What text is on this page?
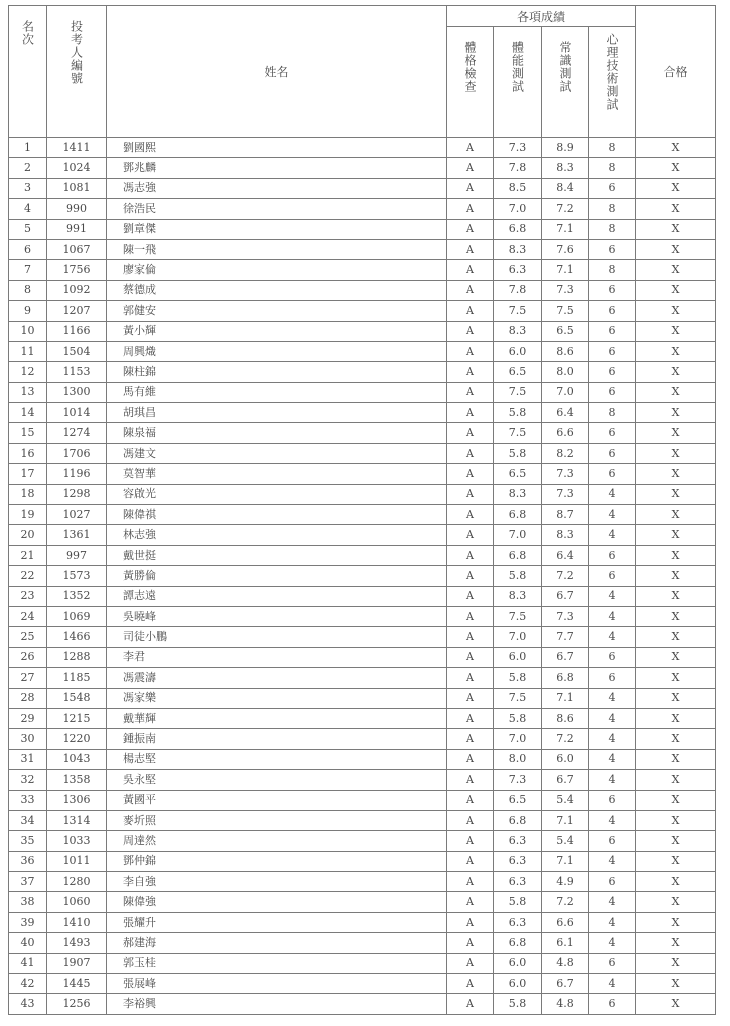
名次	投考人編號	姓名	各項成績				合格
			體格檢查	體能測試	常識測試	心理技術測試	
1	1411	劉國熙	A	7.3	8.9	8	X
2	1024	鄧兆麟	A	7.8	8.3	8	X
3	1081	馮志強	A	8.5	8.4	6	X
4	990	徐浩民	A	7.0	7.2	8	X
5	991	劉章傑	A	6.8	7.1	8	X
6	1067	陳一飛	A	8.3	7.6	6	X
7	1756	廖家倫	A	6.3	7.1	8	X
8	1092	蔡德成	A	7.8	7.3	6	X
9	1207	郭健安	A	7.5	7.5	6	X
10	1166	黃小輝	A	8.3	6.5	6	X
11	1504	周興熾	A	6.0	8.6	6	X
12	1153	陳柱錦	A	6.5	8.0	6	X
13	1300	馬有維	A	7.5	7.0	6	X
14	1014	胡琪昌	A	5.8	6.4	8	X
15	1274	陳泉福	A	7.5	6.6	6	X
16	1706	馮建文	A	5.8	8.2	6	X
17	1196	莫智華	A	6.5	7.3	6	X
18	1298	容啟光	A	8.3	7.3	4	X
19	1027	陳偉祺	A	6.8	8.7	4	X
20	1361	林志強	A	7.0	8.3	4	X
21	997	戴世挺	A	6.8	6.4	6	X
22	1573	黃勝倫	A	5.8	7.2	6	X
23	1352	譚志遠	A	8.3	6.7	4	X
24	1069	吳曉峰	A	7.5	7.3	4	X
25	1466	司徒小鵬	A	7.0	7.7	4	X
26	1288	李君	A	6.0	6.7	6	X
27	1185	馮震濤	A	5.8	6.8	6	X
28	1548	馮家樂	A	7.5	7.1	4	X
29	1215	戴華輝	A	5.8	8.6	4	X
30	1220	鍾振南	A	7.0	7.2	4	X
31	1043	楊志堅	A	8.0	6.0	4	X
32	1358	吳永堅	A	7.3	6.7	4	X
33	1306	黃國平	A	6.5	5.4	6	X
34	1314	麥圻照	A	6.8	7.1	4	X
35	1033	周達然	A	6.3	5.4	6	X
36	1011	鄧仲錦	A	6.3	7.1	4	X
37	1280	李自強	A	6.3	4.9	6	X
38	1060	陳偉強	A	5.8	7.2	4	X
39	1410	張耀升	A	6.3	6.6	4	X
40	1493	郝建海	A	6.8	6.1	4	X
41	1907	郭玉桂	A	6.0	4.8	6	X
42	1445	張展峰	A	6.0	6.7	4	X
43	1256	李裕興	A	5.8	4.8	6	X
